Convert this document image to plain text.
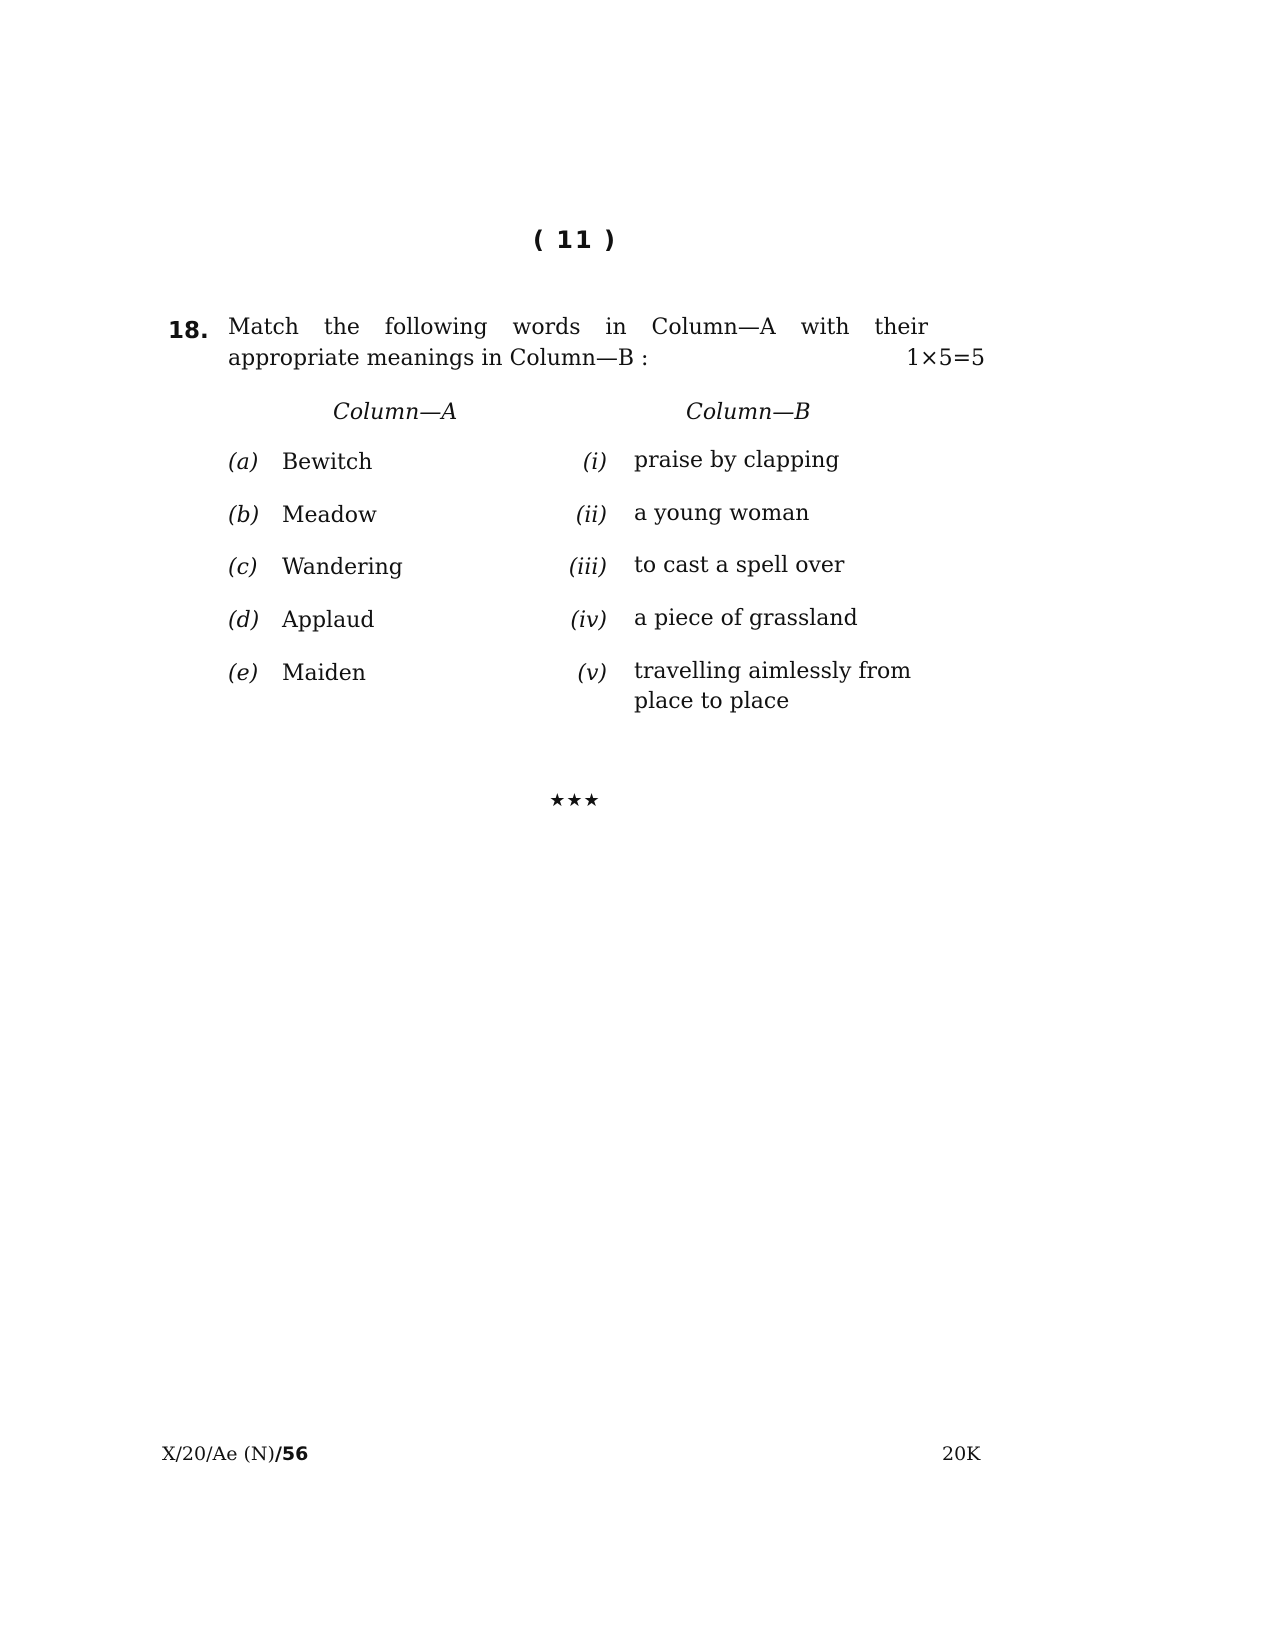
( 11 )
18. Match the following words in Column—A with their
appropriate meanings in Column—B :	1×5=5
Column—A	Column—B
(a) Bewitch	(i) praise by clapping
(b) Meadow	(ii) a young woman
(c) Wandering	(iii) to cast a spell over
(d) Applaud	(iv) a piece of grassland
(e) Maiden	(v) travelling aimlessly from place to place
★★★
X/20/Ae (N)/56	20K
